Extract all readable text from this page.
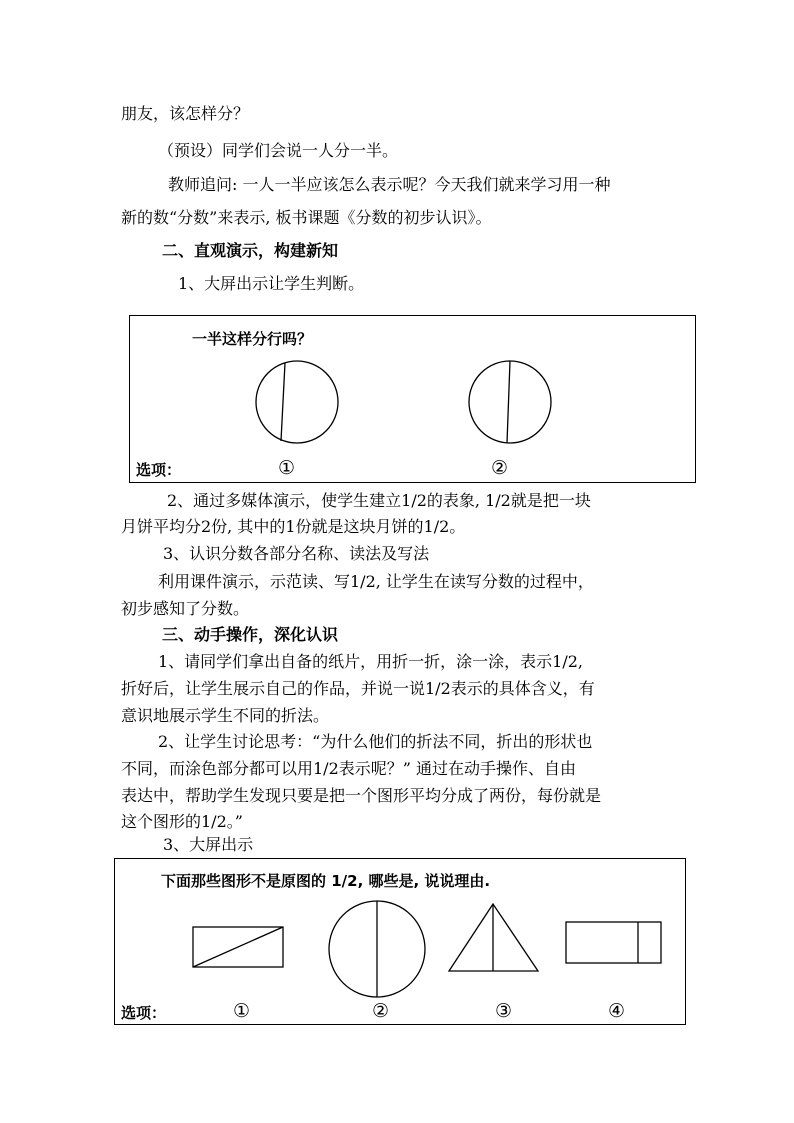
朋友，该怎样分？
（预设）同学们会说一人分一半。
教师追问: 一人一半应该怎么表示呢？今天我们就来学习用一种
新的数“分数”来表示, 板书课题《分数的初步认识》。
二、直观演示，构建新知
1、大屏出示让学生判断。
一半这样分行吗？
选项：	①	②
2、通过多媒体演示，使学生建立1/2的表象, 1/2就是把一块
月饼平均分2份, 其中的1份就是这块月饼的1/2。
3、认识分数各部分名称、读法及写法
利用课件演示，示范读、写1/2, 让学生在读写分数的过程中，
初步感知了分数。
三、动手操作，深化认识
1、请同学们拿出自备的纸片，用折一折，涂一涂，表示1/2,
折好后，让学生展示自己的作品，并说一说1/2表示的具体含义，有
意识地展示学生不同的折法。
2、让学生讨论思考：“为什么他们的折法不同，折出的形状也
不同，而涂色部分都可以用1/2表示呢？” 通过在动手操作、自由
表达中，帮助学生发现只要是把一个图形平均分成了两份，每份就是
这个图形的1/2。”
3、大屏出示
下面那些图形不是原图的 1/2, 哪些是, 说说理由.
选项：	①	②	③	④
